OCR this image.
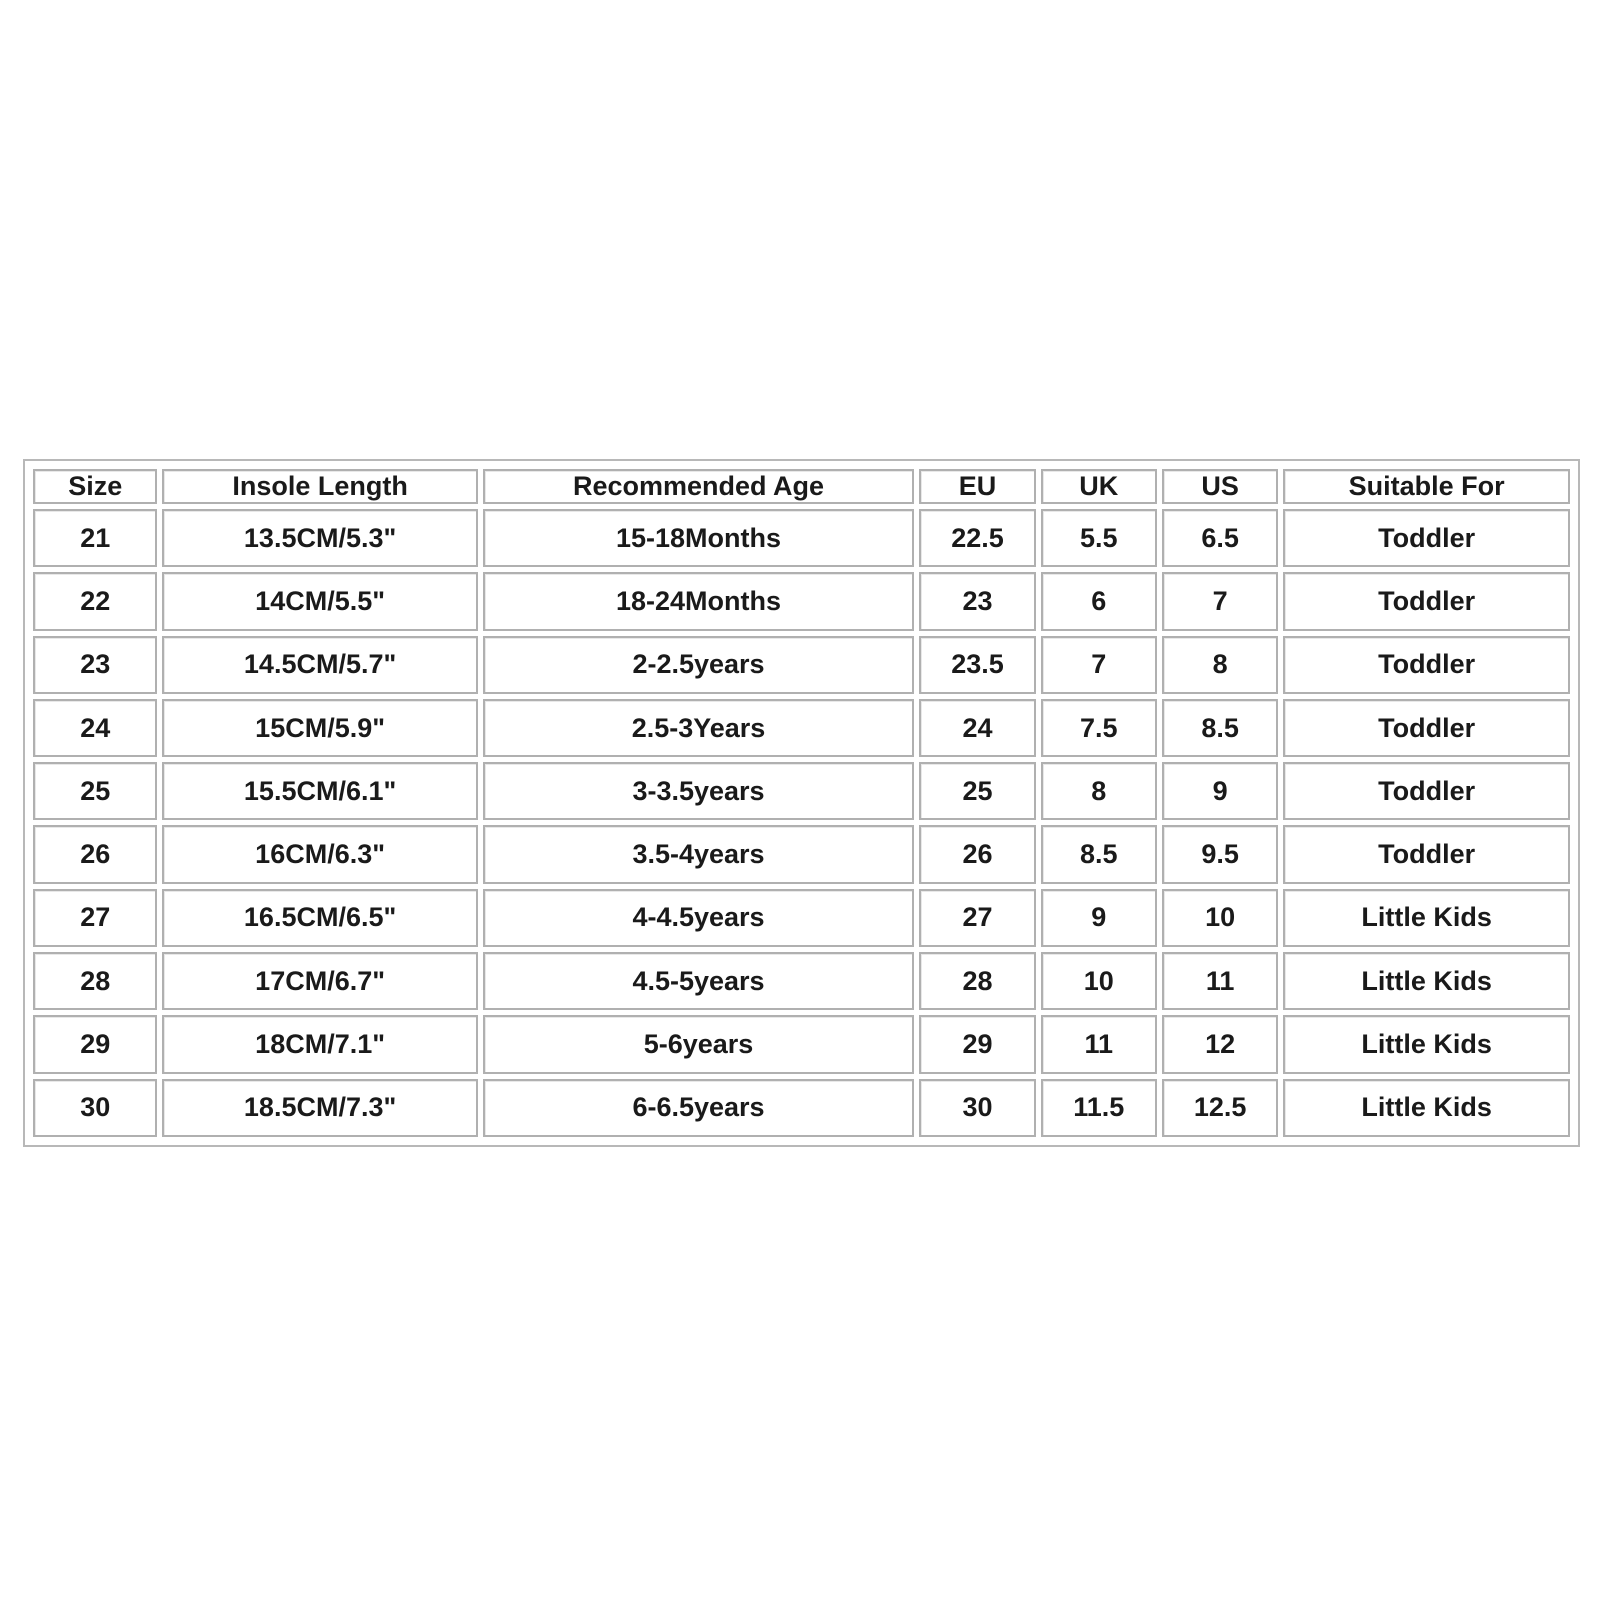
Size	Insole Length	Recommended Age	EU	UK	US	Suitable For
21	13.5CM/5.3"	15-18Months	22.5	5.5	6.5	Toddler
22	14CM/5.5"	18-24Months	23	6	7	Toddler
23	14.5CM/5.7"	2-2.5years	23.5	7	8	Toddler
24	15CM/5.9"	2.5-3Years	24	7.5	8.5	Toddler
25	15.5CM/6.1"	3-3.5years	25	8	9	Toddler
26	16CM/6.3"	3.5-4years	26	8.5	9.5	Toddler
27	16.5CM/6.5"	4-4.5years	27	9	10	Little Kids
28	17CM/6.7"	4.5-5years	28	10	11	Little Kids
29	18CM/7.1"	5-6years	29	11	12	Little Kids
30	18.5CM/7.3"	6-6.5years	30	11.5	12.5	Little Kids
